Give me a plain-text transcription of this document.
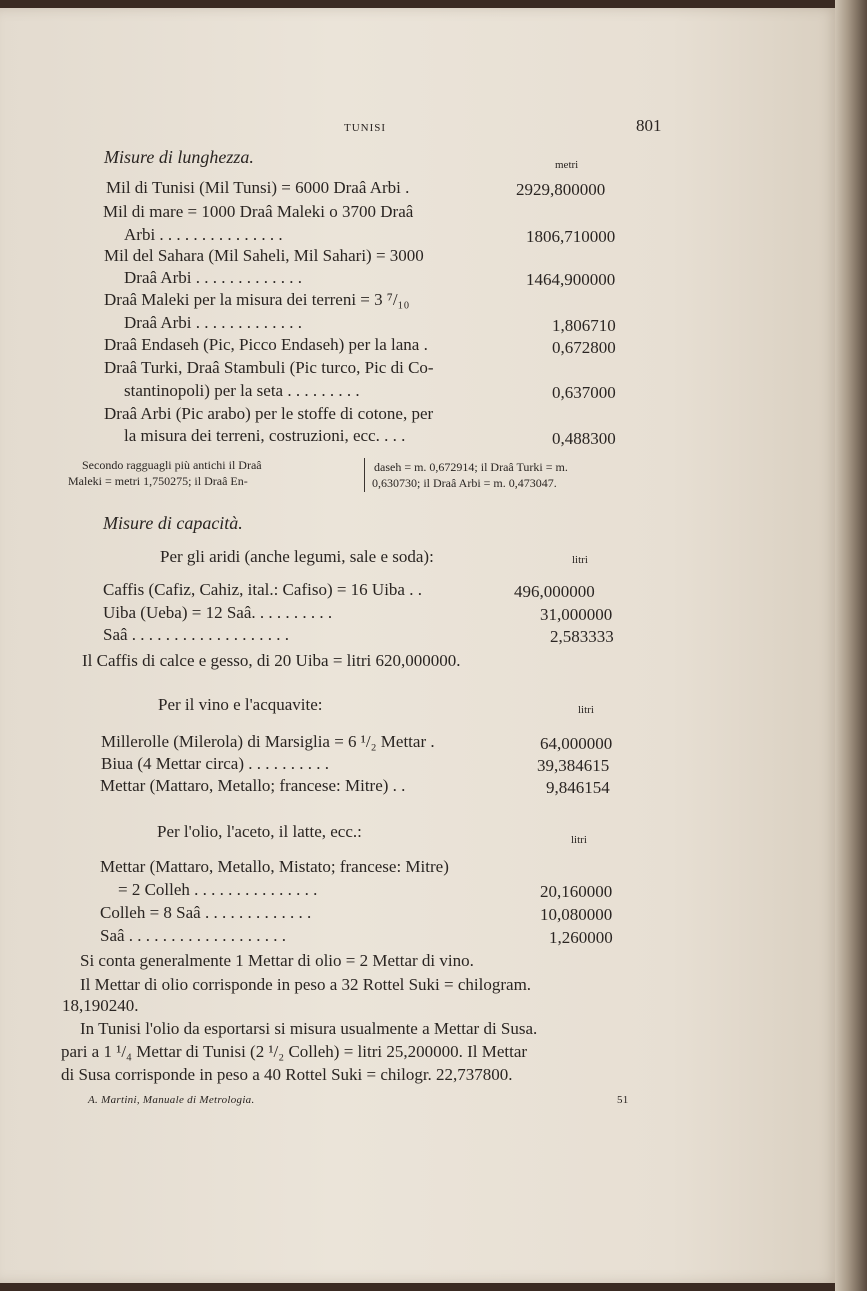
TUNISI	801
Misure di lunghezza.	metri
Mil di Tunisi (Mil Tunsi) = 6000 Draâ Arbi .	2929,800000
Mil di mare = 1000 Draâ Maleki o 3700 Draâ
Arbi . . . . . . . . . . . . . . .	1806,710000
Mil del Sahara (Mil Saheli, Mil Sahari) = 3000
Draâ Arbi . . . . . . . . . . . . .	1464,900000
Draâ Maleki per la misura dei terreni = 3 ⁷/₁₀
Draâ Arbi . . . . . . . . . . . . .	1,806710
Draâ Endaseh (Pic, Picco Endaseh) per la lana .	0,672800
Draâ Turki, Draâ Stambuli (Pic turco, Pic di Co-
stantinopoli) per la seta . . . . . . . . .	0,637000
Draâ Arbi (Pic arabo) per le stoffe di cotone, per
la misura dei terreni, costruzioni, ecc. . . .	0,488300
Secondo ragguagli più antichi il Draâ
Maleki = metri 1,750275; il Draâ En-
daseh = m. 0,672914; il Draâ Turki = m.
0,630730; il Draâ Arbi = m. 0,473047.
Misure di capacità.
Per gli aridi (anche legumi, sale e soda):	litri
Caffis (Cafiz, Cahiz, ital.: Cafiso) = 16 Uiba . .	496,000000
Uiba (Ueba) = 12 Saâ. . . . . . . . . .	31,000000
Saâ . . . . . . . . . . . . . . . . . . .	2,583333
Il Caffis di calce e gesso, di 20 Uiba = litri 620,000000.
Per il vino e l'acquavite:	litri
Millerolle (Milerola) di Marsiglia = 6 ¹/₂ Mettar .	64,000000
Biua (4 Mettar circa) . . . . . . . . . .	39,384615
Mettar (Mattaro, Metallo; francese: Mitre) . .	9,846154
Per l'olio, l'aceto, il latte, ecc.:	litri
Mettar (Mattaro, Metallo, Mistato; francese: Mitre)
= 2 Colleh . . . . . . . . . . . . . . .	20,160000
Colleh = 8 Saâ . . . . . . . . . . . . .	10,080000
Saâ . . . . . . . . . . . . . . . . . . .	1,260000
Si conta generalmente 1 Mettar di olio = 2 Mettar di vino.
Il Mettar di olio corrisponde in peso a 32 Rottel Suki = chilogram.
18,190240.
In Tunisi l'olio da esportarsi si misura usualmente a Mettar di Susa.
pari a 1 ¹/₄ Mettar di Tunisi (2 ¹/₂ Colleh) = litri 25,200000. Il Mettar
di Susa corrisponde in peso a 40 Rottel Suki = chilogr. 22,737800.
A. Martini, Manuale di Metrologia.	51
